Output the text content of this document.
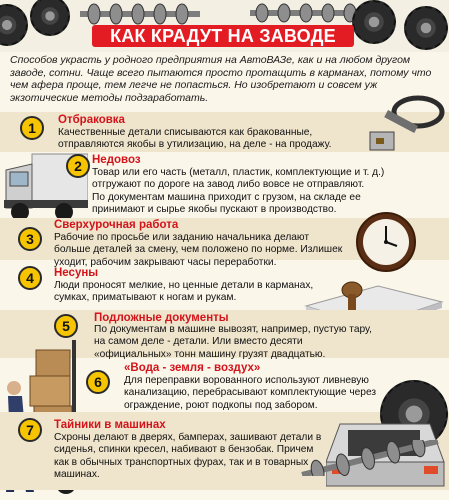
КАК КРАДУТ НА ЗАВОДЕ
Способов украсть у родного предприятия на АвтоВАЗе, как и на любом другом заводе, сотни. Чаще всего пытаются просто протащить в карманах, потому что чем афера проще, тем легче не попасться. Но изобретают и совсем уж экзотические методы подзаработать.
1	Отбраковка
Качественные детали списываются как бракованные, отправляются якобы в утилизацию, на деле - на продажу.
2 Недовоз
Товар или его часть (металл, пластик, комплектующие и т. д.) отгружают по дороге на завод либо вовсе не отправляют.
По документам машина приходит с грузом, на складе ее принимают и сырье якобы пускают в производство.
3
Сверхурочная работа
Рабочие по просьбе или заданию начальника делают больше деталей за смену, чем положено по норме. Излишек уходит, рабочим закрывают часы переработки.
4	Несуны
Люди проносят мелкие, но ценные детали в карманах, сумках, приматывают к ногам и рукам.
5	Подложные документы
По документам в машине вывозят, например, пустую тару, на самом деле - детали. Или вместо десяти «официальных» тонн машину грузят двадцатью.
6
«Вода - земля - воздух»
Для переправки ворованного используют ливневую канализацию, перебрасывают комплектующие через ограждение, роют подкопы под забором.
7	Тайники в машинах
Схроны делают в дверях, бамперах, зашивают детали в сиденья, спинки кресел, набивают в бензобак. Причем как в обычных транспортных фурах, так и в товарных машинах.
